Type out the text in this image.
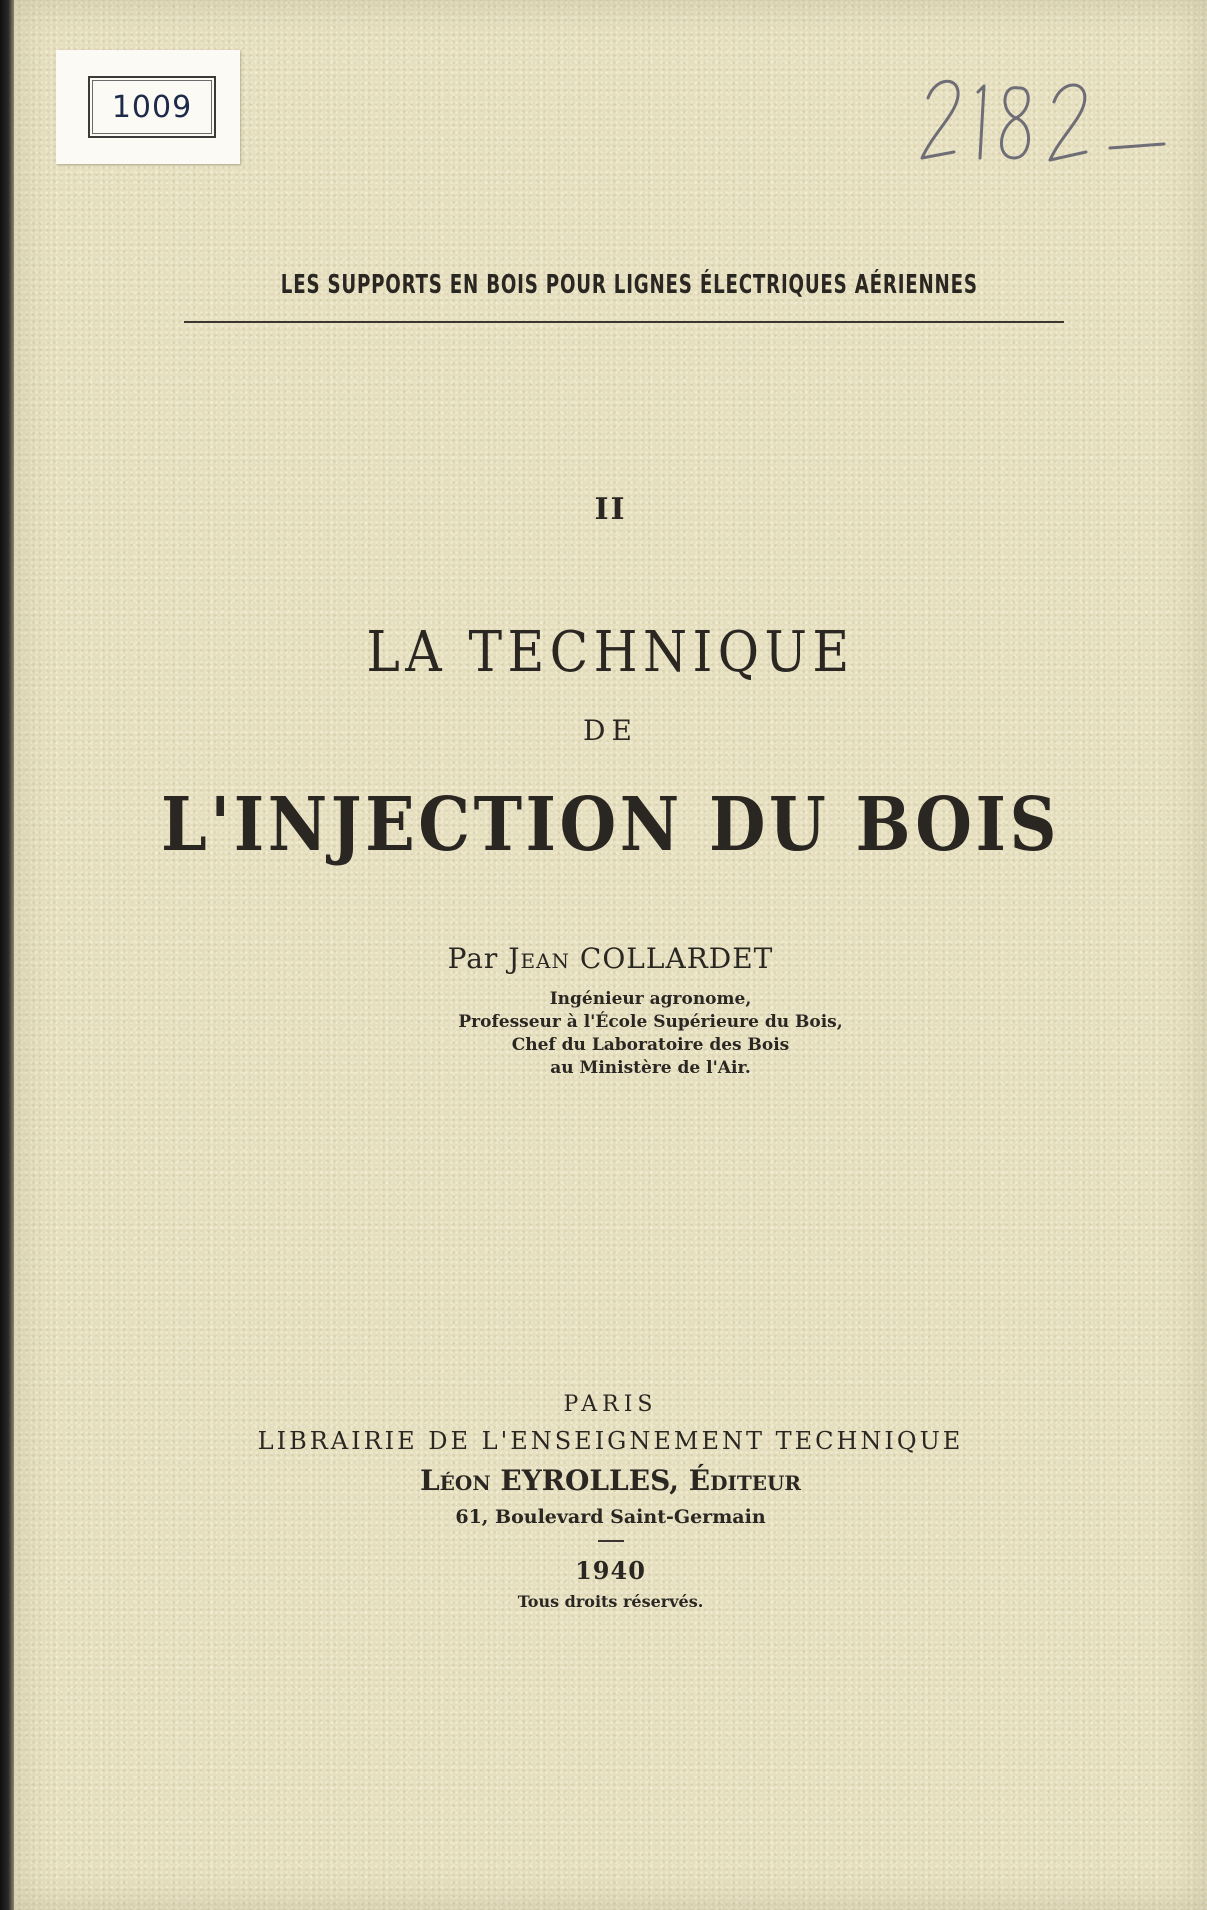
1009
LES SUPPORTS EN BOIS POUR LIGNES ÉLECTRIQUES AÉRIENNES
II
LA TECHNIQUE
DE
L'INJECTION DU BOIS
Par Jean COLLARDET
Ingénieur agronome,
Professeur à l'École Supérieure du Bois,
Chef du Laboratoire des Bois
au Ministère de l'Air.
PARIS
LIBRAIRIE DE L'ENSEIGNEMENT TECHNIQUE
Léon EYROLLES, Éditeur
61, Boulevard Saint-Germain
1940
Tous droits réservés.
